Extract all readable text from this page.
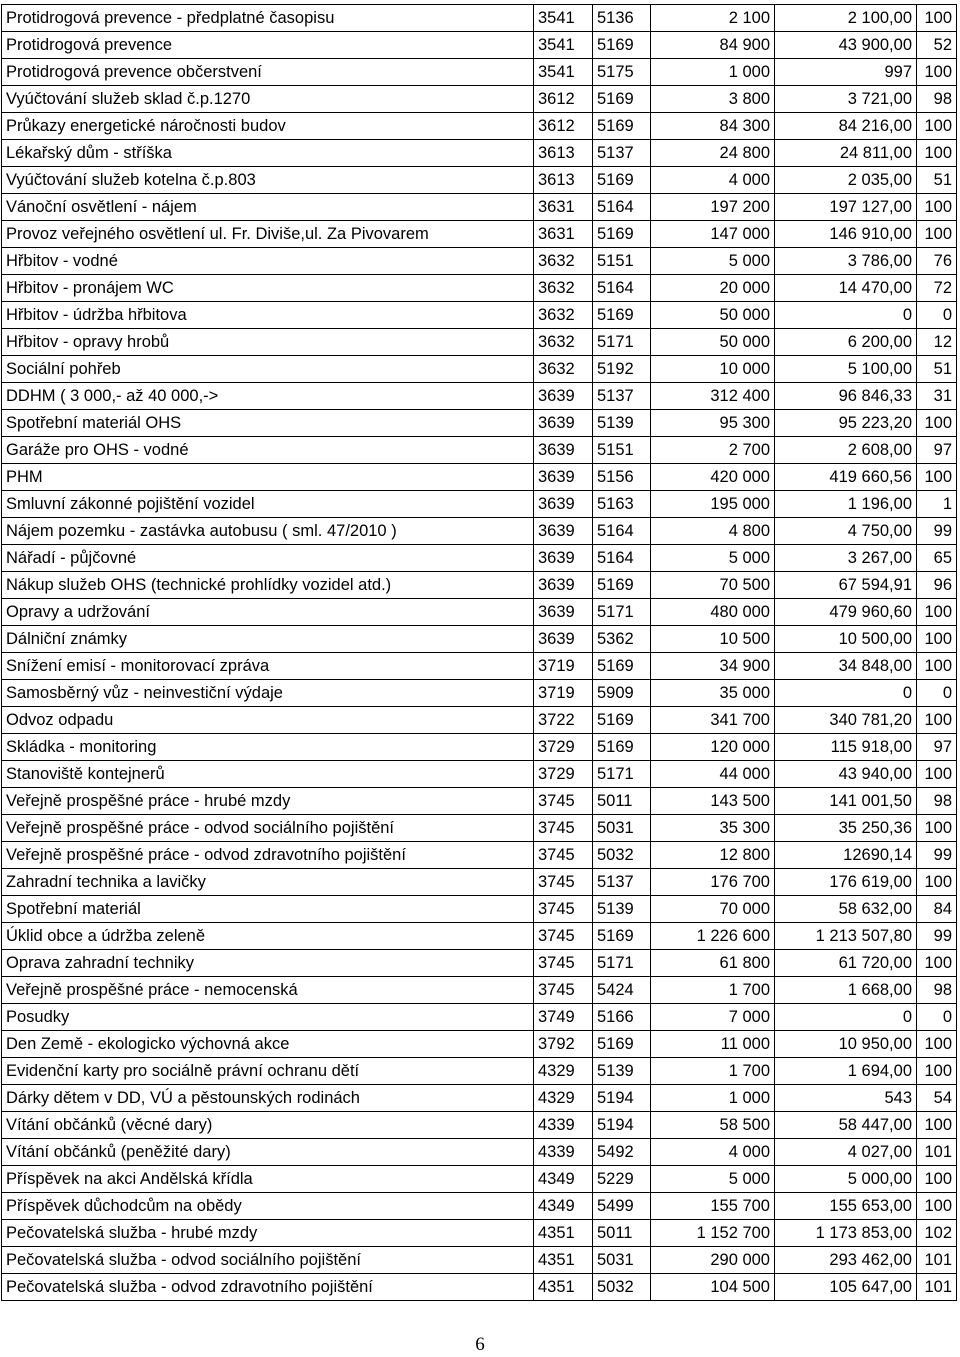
Protidrogová prevence - předplatné časopisu	3541	5136	2 100	2 100,00	100
Protidrogová prevence	3541	5169	84 900	43 900,00	52
Protidrogová prevence občerstvení	3541	5175	1 000	997	100
Vyúčtování služeb sklad č.p.1270	3612	5169	3 800	3 721,00	98
Průkazy energetické náročnosti budov	3612	5169	84 300	84 216,00	100
Lékařský dům - stříška	3613	5137	24 800	24 811,00	100
Vyúčtování služeb kotelna č.p.803	3613	5169	4 000	2 035,00	51
Vánoční osvětlení - nájem	3631	5164	197 200	197 127,00	100
Provoz veřejného osvětlení ul. Fr. Diviše,ul. Za Pivovarem	3631	5169	147 000	146 910,00	100
Hřbitov - vodné	3632	5151	5 000	3 786,00	76
Hřbitov - pronájem WC	3632	5164	20 000	14 470,00	72
Hřbitov - údržba hřbitova	3632	5169	50 000	0	0
Hřbitov - opravy hrobů	3632	5171	50 000	6 200,00	12
Sociální pohřeb	3632	5192	10 000	5 100,00	51
DDHM ( 3 000,- až 40 000,->	3639	5137	312 400	96 846,33	31
Spotřební materiál OHS	3639	5139	95 300	95 223,20	100
Garáže pro OHS - vodné	3639	5151	2 700	2 608,00	97
PHM	3639	5156	420 000	419 660,56	100
Smluvní zákonné pojištění vozidel	3639	5163	195 000	1 196,00	1
Nájem pozemku - zastávka autobusu ( sml. 47/2010 )	3639	5164	4 800	4 750,00	99
Nářadí - půjčovné	3639	5164	5 000	3 267,00	65
Nákup služeb OHS (technické prohlídky vozidel atd.)	3639	5169	70 500	67 594,91	96
Opravy a udržování	3639	5171	480 000	479 960,60	100
Dálniční známky	3639	5362	10 500	10 500,00	100
Snížení emisí - monitorovací zpráva	3719	5169	34 900	34 848,00	100
Samosběrný vůz - neinvestiční výdaje	3719	5909	35 000	0	0
Odvoz odpadu	3722	5169	341 700	340 781,20	100
Skládka - monitoring	3729	5169	120 000	115 918,00	97
Stanoviště kontejnerů	3729	5171	44 000	43 940,00	100
Veřejně prospěšné práce - hrubé mzdy	3745	5011	143 500	141 001,50	98
Veřejně prospěšné práce - odvod sociálního pojištění	3745	5031	35 300	35 250,36	100
Veřejně prospěšné práce - odvod zdravotního pojištění	3745	5032	12 800	12690,14	99
Zahradní technika a lavičky	3745	5137	176 700	176 619,00	100
Spotřební materiál	3745	5139	70 000	58 632,00	84
Úklid obce a údržba zeleně	3745	5169	1 226 600	1 213 507,80	99
Oprava zahradní techniky	3745	5171	61 800	61 720,00	100
Veřejně prospěšné práce - nemocenská	3745	5424	1 700	1 668,00	98
Posudky	3749	5166	7 000	0	0
Den Země - ekologicko výchovná akce	3792	5169	11 000	10 950,00	100
Evidenční karty pro sociálně právní ochranu dětí	4329	5139	1 700	1 694,00	100
Dárky dětem v DD, VÚ a pěstounských rodinách	4329	5194	1 000	543	54
Vítání občánků (věcné dary)	4339	5194	58 500	58 447,00	100
Vítání občánků (peněžité dary)	4339	5492	4 000	4 027,00	101
Příspěvek na akci Andělská křídla	4349	5229	5 000	5 000,00	100
Příspěvek důchodcům na obědy	4349	5499	155 700	155 653,00	100
Pečovatelská služba - hrubé mzdy	4351	5011	1 152 700	1 173 853,00	102
Pečovatelská služba - odvod sociálního pojištění	4351	5031	290 000	293 462,00	101
Pečovatelská služba - odvod zdravotního pojištění	4351	5032	104 500	105 647,00	101
6
